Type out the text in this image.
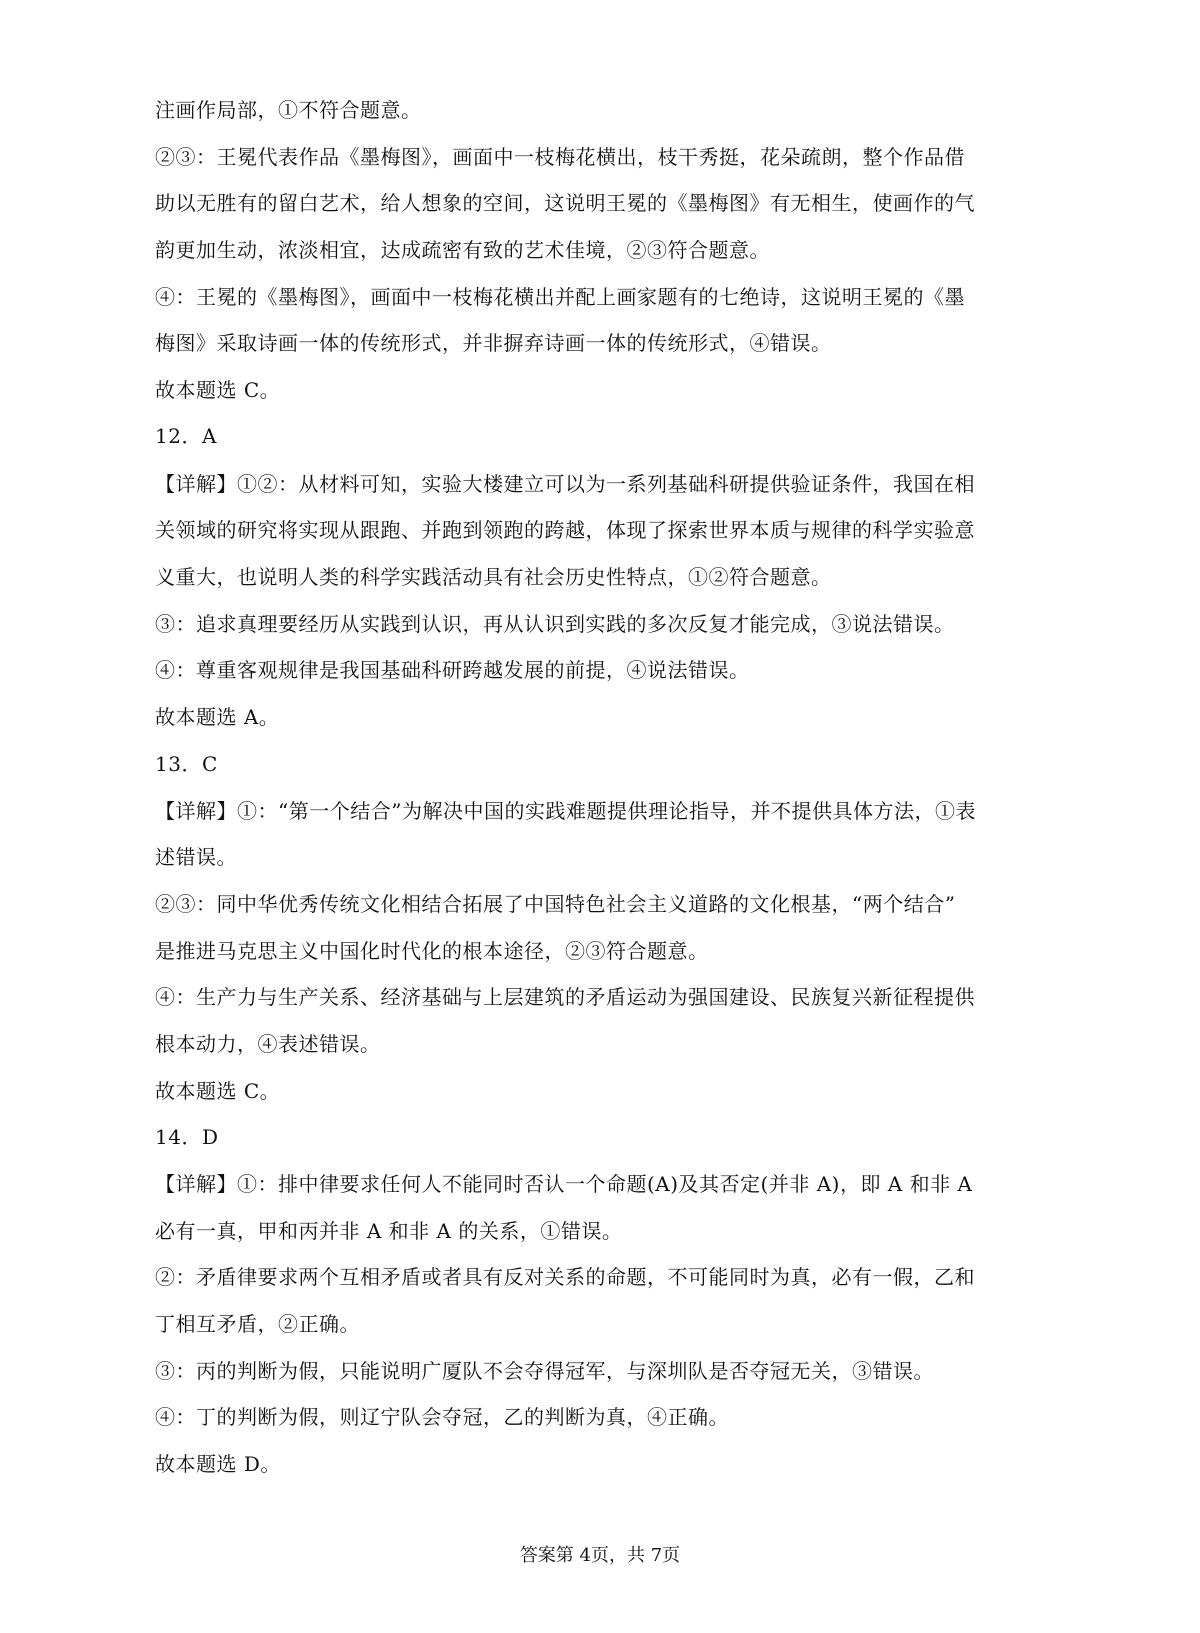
注画作局部，①不符合题意。
②③：王冕代表作品《墨梅图》，画面中一枝梅花横出，枝干秀挺，花朵疏朗，整个作品借
助以无胜有的留白艺术，给人想象的空间，这说明王冕的《墨梅图》有无相生，使画作的气
韵更加生动，浓淡相宜，达成疏密有致的艺术佳境，②③符合题意。
④：王冕的《墨梅图》，画面中一枝梅花横出并配上画家题有的七绝诗，这说明王冕的《墨
梅图》采取诗画一体的传统形式，并非摒弃诗画一体的传统形式，④错误。
故本题选 C。
12．A
【详解】①②：从材料可知，实验大楼建立可以为一系列基础科研提供验证条件，我国在相
关领域的研究将实现从跟跑、并跑到领跑的跨越，体现了探索世界本质与规律的科学实验意
义重大，也说明人类的科学实践活动具有社会历史性特点，①②符合题意。
③：追求真理要经历从实践到认识，再从认识到实践的多次反复才能完成，③说法错误。
④：尊重客观规律是我国基础科研跨越发展的前提，④说法错误。
故本题选 A。
13．C
【详解】①：“第一个结合”为解决中国的实践难题提供理论指导，并不提供具体方法，①表
述错误。
②③：同中华优秀传统文化相结合拓展了中国特色社会主义道路的文化根基，“两个结合”
是推进马克思主义中国化时代化的根本途径，②③符合题意。
④：生产力与生产关系、经济基础与上层建筑的矛盾运动为强国建设、民族复兴新征程提供
根本动力，④表述错误。
故本题选 C。
14．D
【详解】①：排中律要求任何人不能同时否认一个命题(A)及其否定(并非 A)，即 A 和非 A
必有一真，甲和丙并非 A 和非 A 的关系，①错误。
②：矛盾律要求两个互相矛盾或者具有反对关系的命题，不可能同时为真，必有一假，乙和
丁相互矛盾，②正确。
③：丙的判断为假，只能说明广厦队不会夺得冠军，与深圳队是否夺冠无关，③错误。
④：丁的判断为假，则辽宁队会夺冠，乙的判断为真，④正确。
故本题选 D。
答案第 4页，共 7页
